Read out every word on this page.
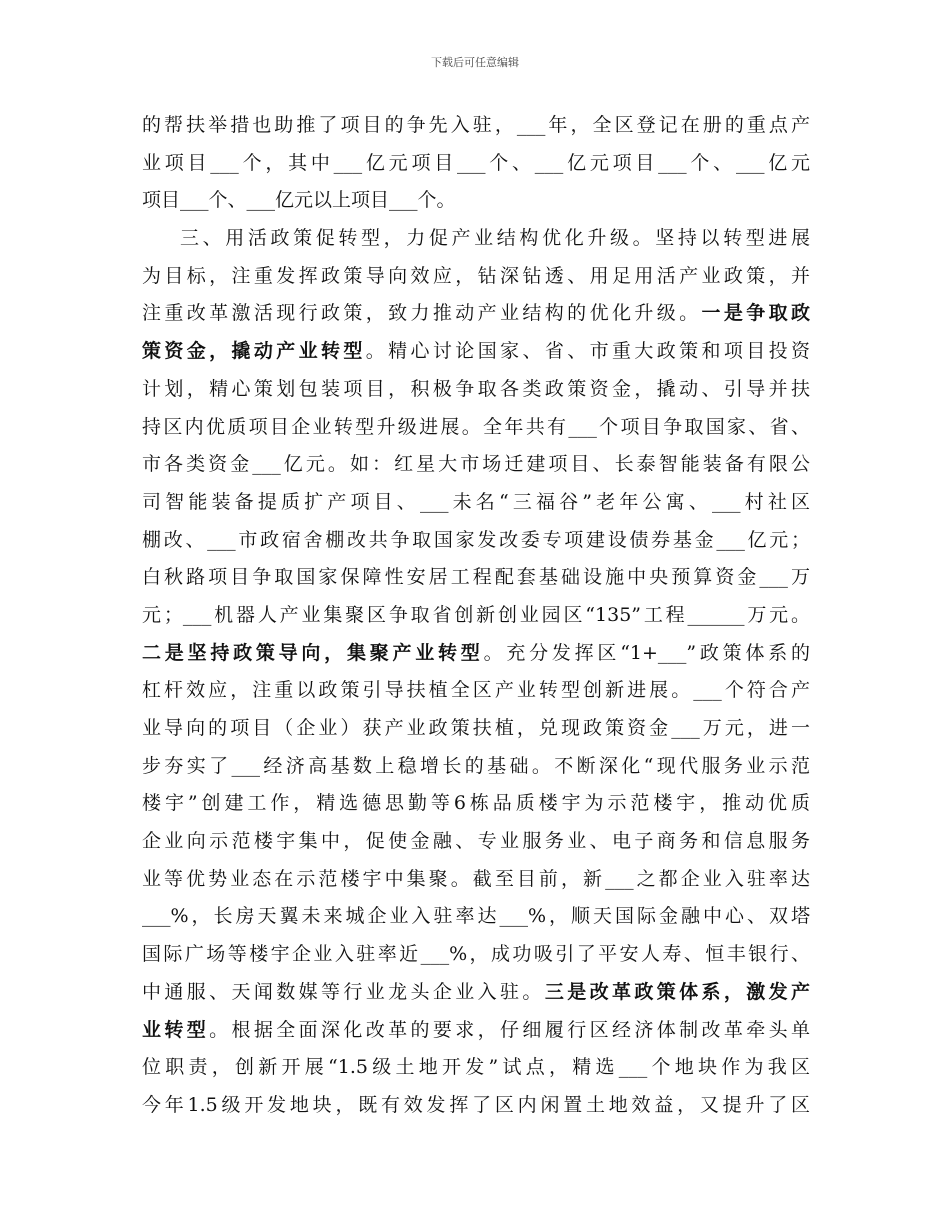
下载后可任意编辑
的帮扶举措也助推了项目的争先入驻，___年，全区登记在册的重点产
业项目___个，其中___亿元项目___个、___亿元项目___个、___亿元
项目___个、___亿元以上项目___个。
三、用活政策促转型，力促产业结构优化升级。坚持以转型进展
为目标，注重发挥政策导向效应，钻深钻透、用足用活产业政策，并
注重改革激活现行政策，致力推动产业结构的优化升级。一是争取政
策资金，撬动产业转型。精心讨论国家、省、市重大政策和项目投资
计划，精心策划包装项目，积极争取各类政策资金，撬动、引导并扶
持区内优质项目企业转型升级进展。全年共有___个项目争取国家、省、
市各类资金___亿元。如：红星大市场迁建项目、长泰智能装备有限公
司智能装备提质扩产项目、___未名“三福谷”老年公寓、___村社区
棚改、___市政宿舍棚改共争取国家发改委专项建设债券基金___亿元；
白秋路项目争取国家保障性安居工程配套基础设施中央预算资金___万
元；___机器人产业集聚区争取省创新创业园区“135”工程______万元。
二是坚持政策导向，集聚产业转型。充分发挥区“1+___”政策体系的
杠杆效应，注重以政策引导扶植全区产业转型创新进展。___个符合产
业导向的项目（企业）获产业政策扶植，兑现政策资金___万元，进一
步夯实了___经济高基数上稳增长的基础。不断深化“现代服务业示范
楼宇”创建工作，精选德思勤等6栋品质楼宇为示范楼宇，推动优质
企业向示范楼宇集中，促使金融、专业服务业、电子商务和信息服务
业等优势业态在示范楼宇中集聚。截至目前，新___之都企业入驻率达
___%，长房天翼未来城企业入驻率达___%，顺天国际金融中心、双塔
国际广场等楼宇企业入驻率近___%，成功吸引了平安人寿、恒丰银行、
中通服、天闻数媒等行业龙头企业入驻。三是改革政策体系，激发产
业转型。根据全面深化改革的要求，仔细履行区经济体制改革牵头单
位职责，创新开展“1.5级土地开发”试点，精选___个地块作为我区
今年1.5级开发地块，既有效发挥了区内闲置土地效益，又提升了区
